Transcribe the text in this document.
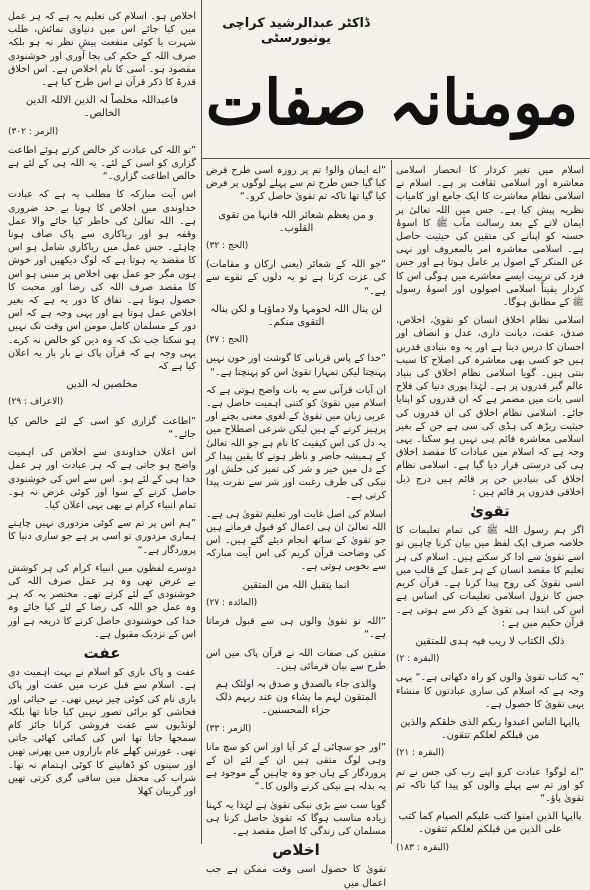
ڈاکٹر عبدالرشید کراچی یونیورسٹی
مومنانہ صفات

اخلاص ہو۔ اسلام کی تعلیم یہ ہے کہ ہر عمل میں کیا جائے اس میں دنیاوی نمائش، طلب شہرت یا کوئی منفعت پیشِ نظر نہ ہو بلکہ صرف اللہ کے حکم کی بجا آوری اور خوشنودی مقصود ہو۔ اسی کا نام اخلاص ہے۔ اس اخلاق قدرۃ کا ذکر قرآن نے اس طرح کیا ہے۔

فاعبداللہ مخلصاً لہ الدین الاللہ الدین الخالص۔

(الزمر : ۳۰۲)

”تو اللہ کی عبادت کر خالص کرتے ہوئے اطاعت گزاری کو اسی کے لئے۔ یہ اللہ ہی کے لئے ہے خالص اطاعت گزاری۔“

اس آیت مبارکہ کا مطلب یہ ہے کہ عبادت خداوندی میں اخلاص کا ہونا بے حد ضروری ہے۔ اللہ تعالیٰ کی خاطر کیا جائے والا عمل وقفہ ہو اور ریاکاری سے پاک صاف ہونا چاہئے۔ جس عمل میں ریاکاری شامل ہو اس کا مقصد یہ ہوتا ہے کہ لوگ دیکھیں اور خوش ہوں مگر جو عمل بھی اخلاص پر مبنی ہو اس کا مقصد صرف اللہ کی رضا اور محبت کا حصول ہوتا ہے۔ نفاق کا دور یہ ہے کہ بغیر اخلاص عمل ہوتا ہے اور یہی وجہ ہے کہ اس دور کے مسلمان کامل مومن اس وقت تک نہیں ہو سکتا جب تک کہ وہ دین کو خالص نہ کرے۔ یہی وجہ ہے کہ قرآن پاک نے بار بار یہ اعلان کیا ہے کہ

مخلصین لہ الدین

(الاعراف : ۲۹)

”اطاعت گزاری کو اسی کے لئے خالص کیا جائے۔“

اس اعلان خداوندی سے اخلاص کی اہمیت واضح ہو جاتی ہے کہ ہر عبادت اور ہر عمل خدا ہی کے لئے ہو۔ اس سے اس کی خوشنودی حاصل کرنے کے سوا اور کوئی غرض نہ ہو۔ تمام انبیاء کرام نے بھی یہی اعلان کیا۔

”ہم اس پر تم سے کوئی مزدوری نہیں چاہتے ہماری مزدوری تو اسی پر ہے جو ساری دنیا کا پروردگار ہے۔“

دوسرے لفظوں میں انبیاء کرام کی ہر کوشش بے غرض تھی وہ ہر عمل صرف اللہ کی خوشنودی کے لئے کرتے تھے۔ مختصر یہ کہ ہر وہ عمل جو اللہ کی رضا کے لئے کیا جائے وہ خدا کی خوشنودی حاصل کرنے کا ذریعہ ہے اور اس کے نزدیک مقبول ہے۔

عفت

عفت و پاک بازی کو اسلام نے بہت اہمیت دی ہے۔ اسلام سے قبل عرب میں عفت اور پاک بازی نام کی کوئی چیز نہیں تھی۔ بے حیائی اور فحاشی کو برائی تصور نہیں کیا جاتا تھا بلکہ لونڈیوں سے عفت فروشی کرانا جائز کام سمجھا جاتا تھا اس کی کمائی کھائی جاتی تھی۔ عورتیں کھلے عام بازاروں میں پھرتی تھیں اور سینوں کو ڈھانپنے کا کوئی اہتمام نہ تھا۔ شراب کی محفل میں ساقی گری کرتی تھیں اور گریبان کھلا

”اے ایمان والو! تم پر روزہ اسی طرح فرض کیا گیا جس طرح تم سے پہلے لوگوں پر فرض کیا گیا تھا تاکہ تم تقویٰ حاصل کرو۔“

و من یعظم شعائر اللہ فانہا من تقوی القلوب۔

(الحج : ۳۲)

”جو اللہ کے شعائر (یعنی ارکان و مقامات) کی عزت کرتا ہے تو یہ دلوں کے تقوے سے ہے۔“

لن ینال اللہ لحومہا ولا دماؤہا و لکن ینالہ التقوی منکم۔

(الحج : ۳۷)

”خدا کے پاس قربانی کا گوشت اور خون نہیں پہنچتا لیکن تمہارا تقویٰ اس کو پہنچتا ہے۔“

ان آیات قرآنی سے یہ بات واضح ہوتی ہے کہ اسلام میں تقویٰ کو کتنی اہمیت حاصل ہے۔ عربی زبان میں تقویٰ کے لغوی معنی بچنے اور پرہیز کرنے کے ہیں لیکن شرعی اصطلاح میں یہ دل کی اس کیفیت کا نام ہے جو اللہ تعالیٰ کے ہمیشہ حاضر و ناظر ہونے کا یقین پیدا کر کے دل میں خیر و شر کی تمیز کی خلش اور نیکی کی طرف رغبت اور شر سے نفرت پیدا کرتی ہے۔

اسلام کی اصل غایت اور تعلیم تقویٰ ہی ہے۔ اللہ تعالیٰ ان ہی اعمال کو قبول فرماتے ہیں جو تقویٰ کے ساتھ انجام دیئے گئے ہیں۔ اس کی وضاحت قرآن کریم کی اس آیت مبارکہ سے بخوبی ہوتی ہے۔

انما یتقبل اللہ من المتقین

(المائدہ : ۲۷)

”اللہ تو تقویٰ والوں ہی سے قبول فرماتا ہے۔“

متقین کی صفات اللہ نے قرآن پاک میں اس طرح سے بیان فرمائی ہیں۔

والذی جاء بالصدق و صدق بہ اولئک ہم المتقون لہم ما یشاء ون عند ربہم ذلک جزاء المحسنین۔

(الزمر : ۳۳)

”اور جو سچائی لے کر آیا اور اس کو سچ مانا وہی لوگ متقی ہیں ان کے لئے ان کے پروردگار کے ہاں جو وہ چاہیں گے موجود ہے یہ بدلہ ہے نیکی کرنے والوں کا۔“

گویا سب سے بڑی نیکی تقویٰ ہے لہٰذا یہ کہنا زیادہ مناسب ہوگا کہ تقویٰ حاصل کرنا ہی مسلمان کی زندگی کا اصل مقصد ہے۔

اخلاص

تقویٰ کا حصول اسی وقت ممکن ہے جب اعمال میں

اسلام میں تغیر کردار کا انحصار اسلامی معاشرہ اور اسلامی ثقافت پر ہے۔ اسلام نے اسلامی نظام معاشرت کا ایک جامع اور کامیاب نظریہ پیش کیا ہے۔ جس میں اللہ تعالیٰ پر ایمان لانے کے بعد رسالت مآب ﷺ کا اسوۂ حسنہ کو اپنانے کی متقین کی حیثیت حاصل ہے۔ اسلامی معاشرہ امر بالمعروف اور نہی عن المنکر کے اصول پر عامل ہوتا ہے اور جس فرد کی تربیت ایسے معاشرے میں ہوگی اس کا کردار یقیناً اسلامی اصولوں اور اسوۂ رسول ﷺ کے مطابق ہوگا۔

اسلامی نظام اخلاق انسان کو تقویٰ، اخلاص، صدق، عفت، دیانت داری، عدل و انصاف اور احسان کا درس دیتا ہے اور یہ وہ بنیادی قدریں ہیں جو کسی بھی معاشرہ کی اصلاح کا سبب بنتی ہیں۔ گویا اسلامی نظام اخلاق کی بنیاد عالم گیر قدروں پر ہے۔ لہٰذا پوری دنیا کی فلاح اسی بات میں مضمر ہے کہ ان قدروں کو اپنایا جائے۔ اسلامی نظام اخلاق کی ان قدروں کی حیثیت ریڑھ کی ہڈی کی سی ہے جن کے بغیر اسلامی معاشرہ قائم ہی نہیں ہو سکتا۔ یہی وجہ ہے کہ اسلام میں عبادات کا مقصد اخلاق ہی کی درستی قرار دیا گیا ہے۔ اسلامی نظام اخلاق کی بنیادیں جن پر قائم ہیں درج ذیل اخلاقی قدروں پر قائم ہیں :

تقویٰ

اگر ہم رسول اللہ ﷺ کی تمام تعلیمات کا خلاصہ صرف ایک لفظ میں بیان کرنا چاہیں تو اسے تقویٰ سے ادا کر سکتے ہیں۔ اسلام کی ہر تعلیم کا مقصد انسان کے ہر عمل کے قالب میں اسی تقویٰ کی روح پیدا کرنا ہے۔ قرآن کریم جس کا نزول اسلامی تعلیمات کی اساس ہے اس کی ابتدا ہی تقویٰ کے ذکر سے ہوتی ہے۔ قرآن حکیم میں ہے :

ذلک الکتاب لا ریب فیہ ہدی للمتقین

(البقرہ : ۲)

”یہ کتاب تقویٰ والوں کو راہ دکھاتی ہے۔“ یہی وجہ ہے کہ اسلام کی ساری عبادتوں کا منشاء یہی تقویٰ کا حصول ہے۔

یاایہا الناس اعبدوا ربکم الذی خلقکم والذین من قبلکم لعلکم تتقون۔

(البقرہ : ۲۱)

”اے لوگو! عبادت کرو اپنے رب کی جس نے تم کو اور تم سے پہلے والوں کو پیدا کیا تاکہ تم تقویٰ پاؤ۔“

یاایہا الذین امنوا کتب علیکم الصیام کما کتب علی الذین من قبلکم لعلکم تتقون۔

(البقرہ : ۱۸۳)
